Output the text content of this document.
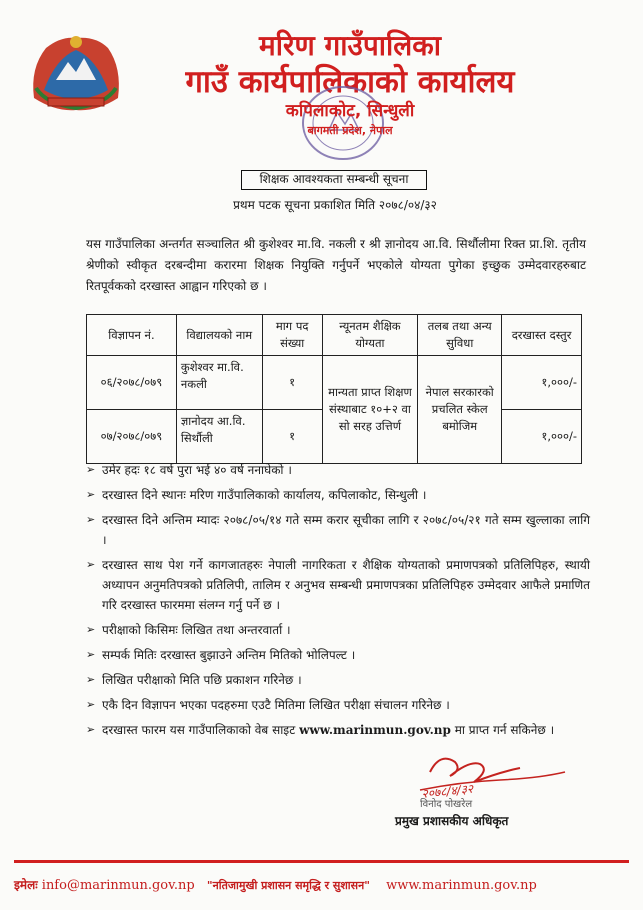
मरिण गाउँपालिका
गाउँ कार्यपालिकाको कार्यालय
कपिलाकोट, सिन्धुली
बागमती प्रदेश, नेपाल
शिक्षक आवश्यकता सम्बन्धी सूचना
प्रथम पटक सूचना प्रकाशित मिति २०७८/०४/३२

यस गाउँपालिका अन्तर्गत सञ्चालित श्री कुशेश्वर मा.वि. नकली र श्री ज्ञानोदय आ.वि. सिर्थौलीमा रिक्त प्रा.शि. तृतीय श्रेणीको स्वीकृत दरबन्दीमा करारमा शिक्षक नियुक्ति गर्नुपर्ने भएकोले योग्यता पुगेका इच्छुक उम्मेदवारहरुबाट रितपूर्वकको दरखास्त आह्वान गरिएको छ ।

विज्ञापन नं.	विद्यालयको नाम	माग पद संख्या	न्यूनतम शैक्षिक योग्यता	तलब तथा अन्य सुविधा	दरखास्त दस्तुर
०६/२०७८/०७९	कुशेश्वर मा.वि. नकली	१	मान्यता प्राप्त शिक्षण संस्थाबाट १०+२ वा सो सरह उत्तिर्ण	नेपाल सरकारको प्रचलित स्केल बमोजिम	१,०००/-
०७/२०७८/०७९	ज्ञानोदय आ.वि. सिर्थौली	१			१,०००/-
➢ उमेर हदः १८ वर्ष पुरा भई ४० वर्ष ननाघेको ।
➢ दरखास्त दिने स्थानः मरिण गाउँपालिकाको कार्यालय, कपिलाकोट, सिन्धुली ।
➢ दरखास्त दिने अन्तिम म्यादः २०७८/०५/१४ गते सम्म करार सूचीका लागि र २०७८/०५/२१ गते सम्म खुल्लाका लागि ।
➢ दरखास्त साथ पेश गर्ने कागजातहरुः नेपाली नागरिकता र शैक्षिक योग्यताको प्रमाणपत्रको प्रतिलिपिहरु, स्थायी अध्यापन अनुमतिपत्रको प्रतिलिपी, तालिम र अनुभव सम्बन्धी प्रमाणपत्रका प्रतिलिपिहरु उम्मेदवार आफैले प्रमाणित गरि दरखास्त फारममा संलग्न गर्नु पर्ने छ ।
➢ परीक्षाको किसिमः लिखित तथा अन्तरवार्ता ।
➢ सम्पर्क मितिः दरखास्त बुझाउने अन्तिम मितिको भोलिपल्ट ।
➢ लिखित परीक्षाको मिति पछि प्रकाशन गरिनेछ ।
➢ एकै दिन विज्ञापन भएका पदहरुमा एउटै मितिमा लिखित परीक्षा संचालन गरिनेछ ।
➢ दरखास्त फारम यस गाउँपालिकाको वेब साइट www.marinmun.gov.np मा प्राप्त गर्न सकिनेछ ।
२०७८/४/३२
विनोद पोखरेल
प्रमुख प्रशासकीय अधिकृत
इमेलः info@marinmun.gov.np "नतिजामुखी प्रशासन समृद्धि र सुशासन" www.marinmun.gov.np
